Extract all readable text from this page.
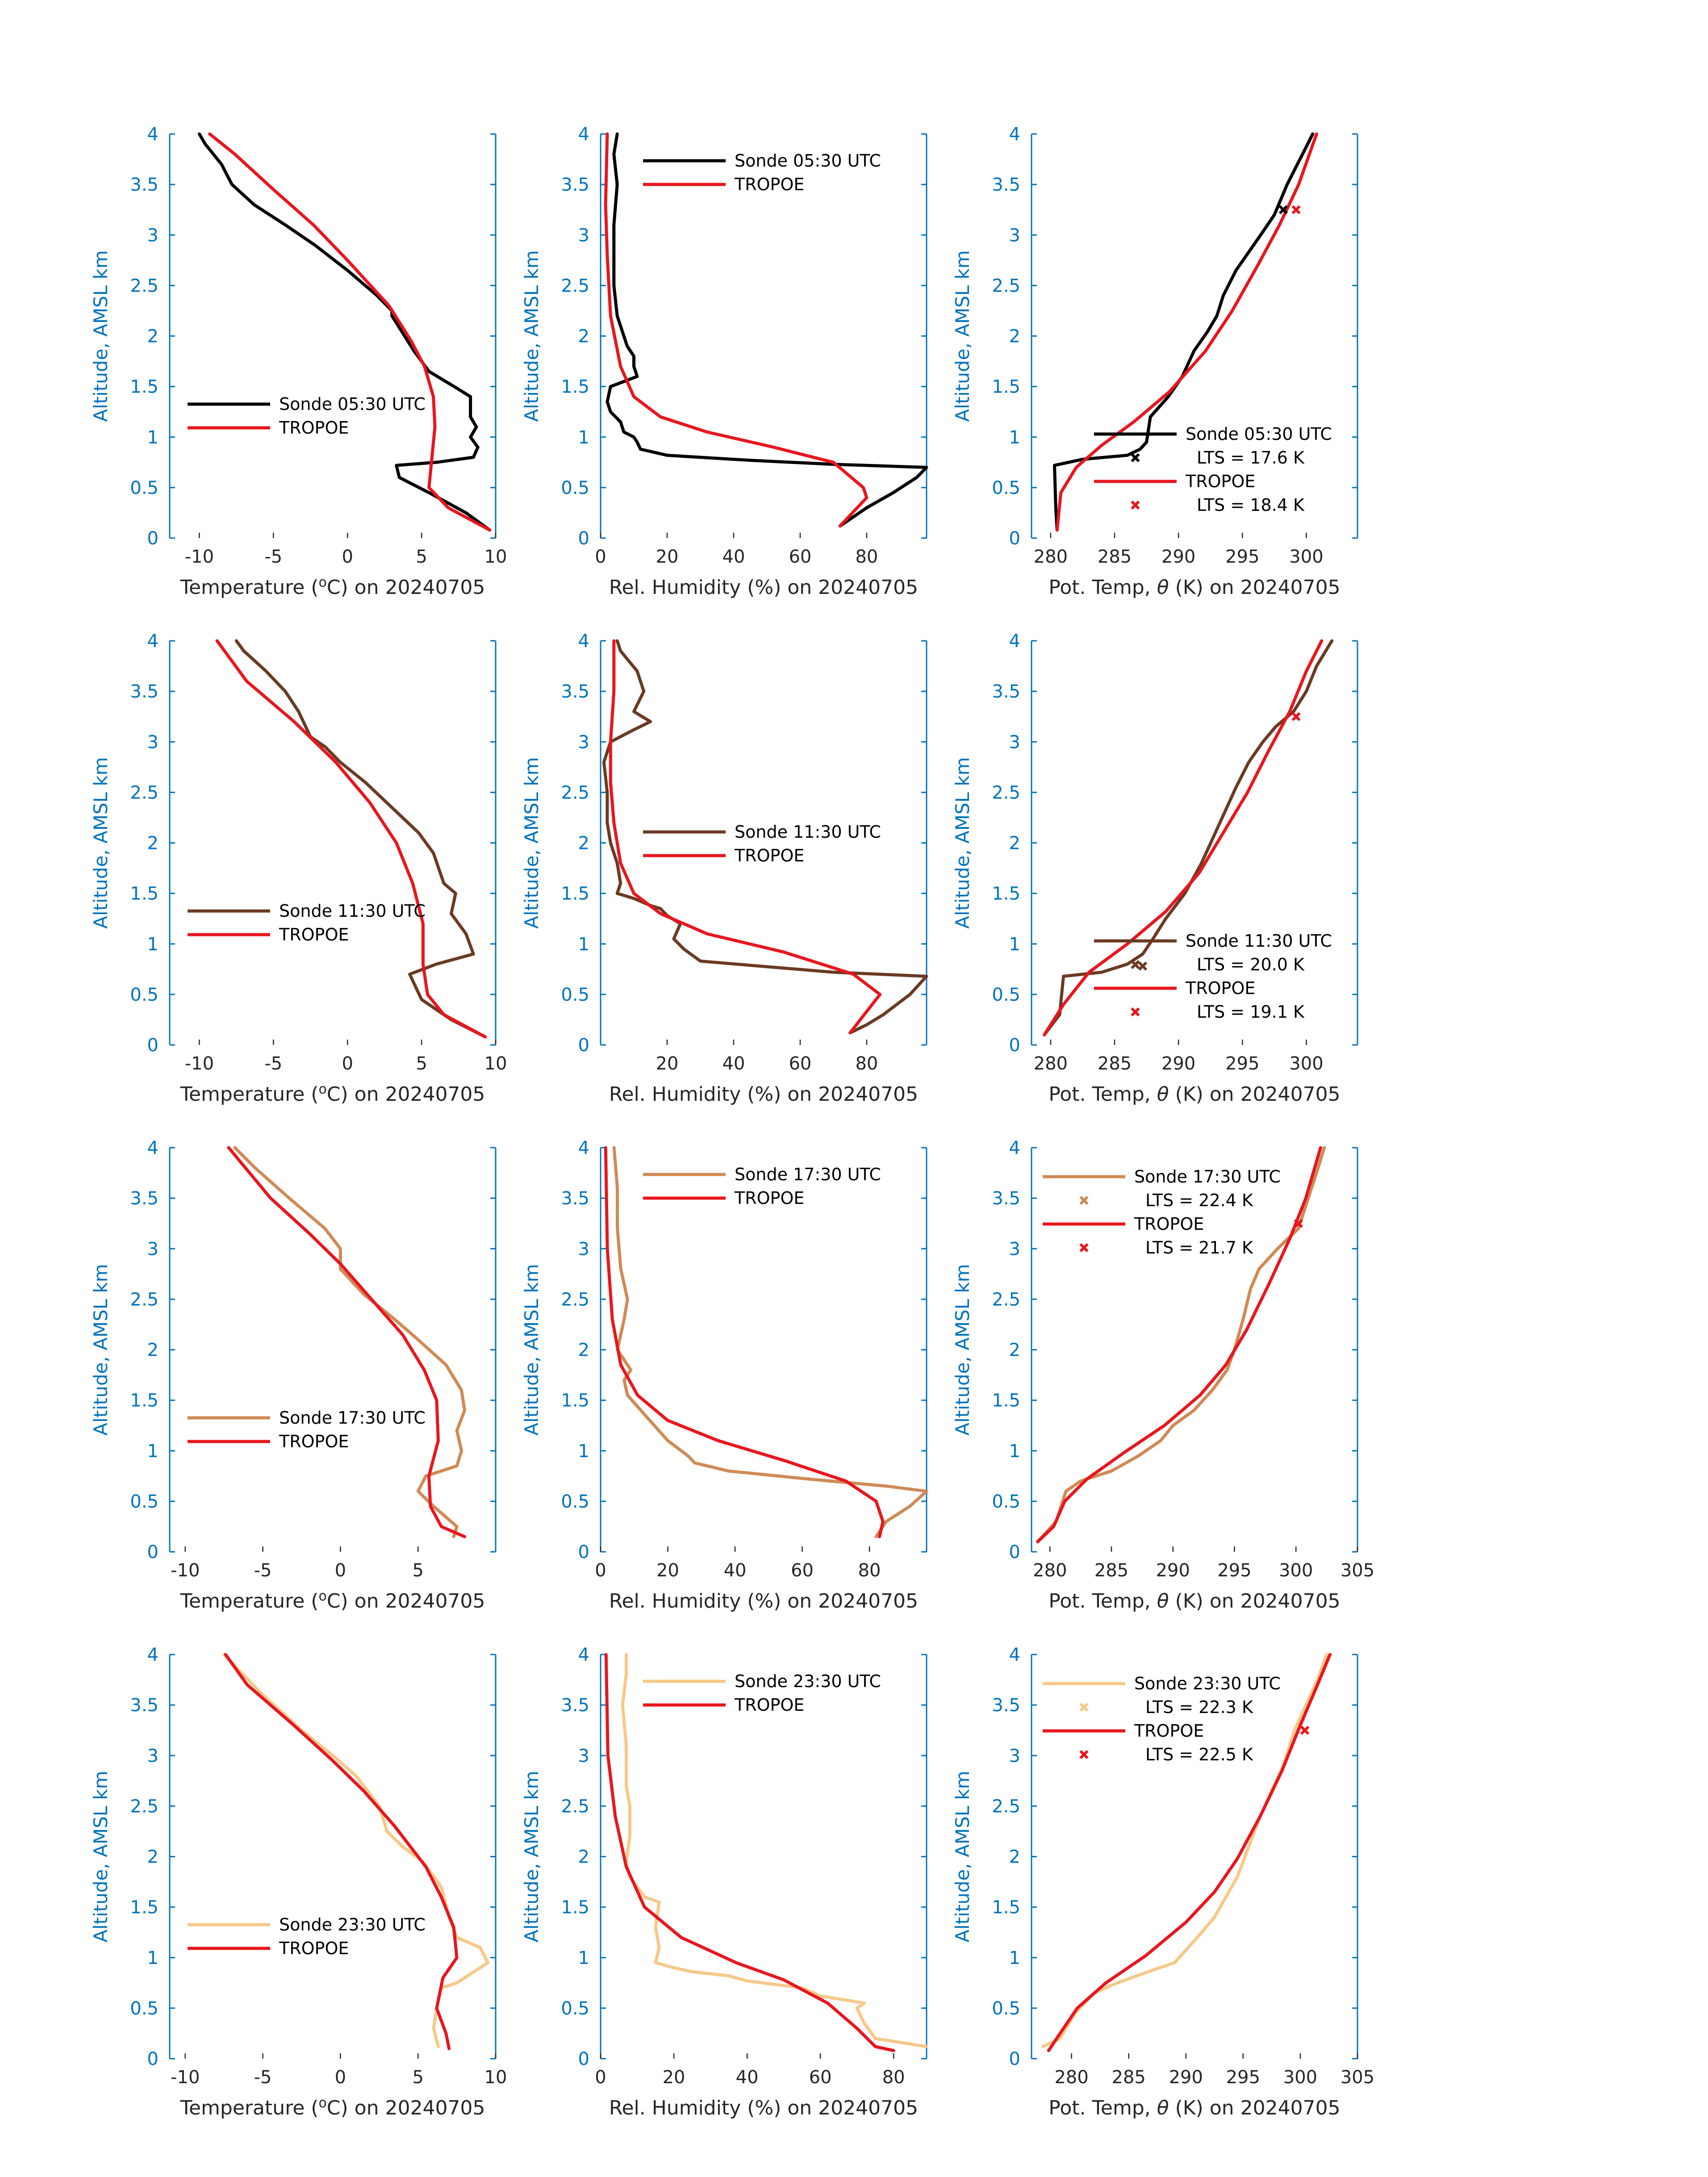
0
0.5
1
1.5
2
2.5
3
3.5
4
-10	-5	0	5	10
Altitude, AMSL km
Temperature ($^o$C) on 20240705
Sonde 05:30 UTC
TROPOE
0
0.5
1
1.5
2
2.5
3
3.5
4
0	20 40 60 80
Altitude, AMSL km
Rel. Humidity (%) on 20240705
Sonde 05:30 UTC
TROPOE
0
0.5
1
1.5
2
2.5
3
3.5
4
280 285 290 295 300
Altitude, AMSL km
Pot. Temp, θ (K) on 20240705
Sonde 05:30 UTC
LTS = 17.6 K
TROPOE
LTS = 18.4 K
0
0.5
1
1.5
2
2.5
3
3.5
4
-10	-5	0	5	10
Altitude, AMSL km
Temperature ($^o$C) on 20240705
Sonde 11:30 UTC
TROPOE
0
0.5
1
1.5
2
2.5
3
3.5
4
20 40 60 80
Altitude, AMSL km
Rel. Humidity (%) on 20240705
Sonde 11:30 UTC
TROPOE
0
0.5
1
1.5
2
2.5
3
3.5
4
280 285 290 295 300
Altitude, AMSL km
Pot. Temp, θ (K) on 20240705
Sonde 11:30 UTC
LTS = 20.0 K
TROPOE
LTS = 19.1 K
0
0.5
1
1.5
2
2.5
3
3.5
4
-10	-5	0	5
Altitude, AMSL km
Temperature ($^o$C) on 20240705
Sonde 17:30 UTC
TROPOE
0
0.5
1
1.5
2
2.5
3
3.5
4
0	20 40 60 80
Altitude, AMSL km
Rel. Humidity (%) on 20240705
Sonde 17:30 UTC
TROPOE
0
0.5
1
1.5
2
2.5
3
3.5
4
280 285 290 295 300 305
Altitude, AMSL km
Pot. Temp, θ (K) on 20240705
Sonde 17:30 UTC
LTS = 22.4 K
TROPOE
LTS = 21.7 K
0
0.5
1
1.5
2
2.5
3
3.5
4
-10	-5	0	5	10
Altitude, AMSL km
Temperature ($^o$C) on 20240705
Sonde 23:30 UTC
TROPOE
0
0.5
1
1.5
2
2.5
3
3.5
4
0	20	40	60	80
Altitude, AMSL km
Rel. Humidity (%) on 20240705
Sonde 23:30 UTC
TROPOE
0
0.5
1
1.5
2
2.5
3
3.5
4
280 285 290 295 300 305
Altitude, AMSL km
Pot. Temp, θ (K) on 20240705
Sonde 23:30 UTC
LTS = 22.3 K
TROPOE
LTS = 22.5 K
